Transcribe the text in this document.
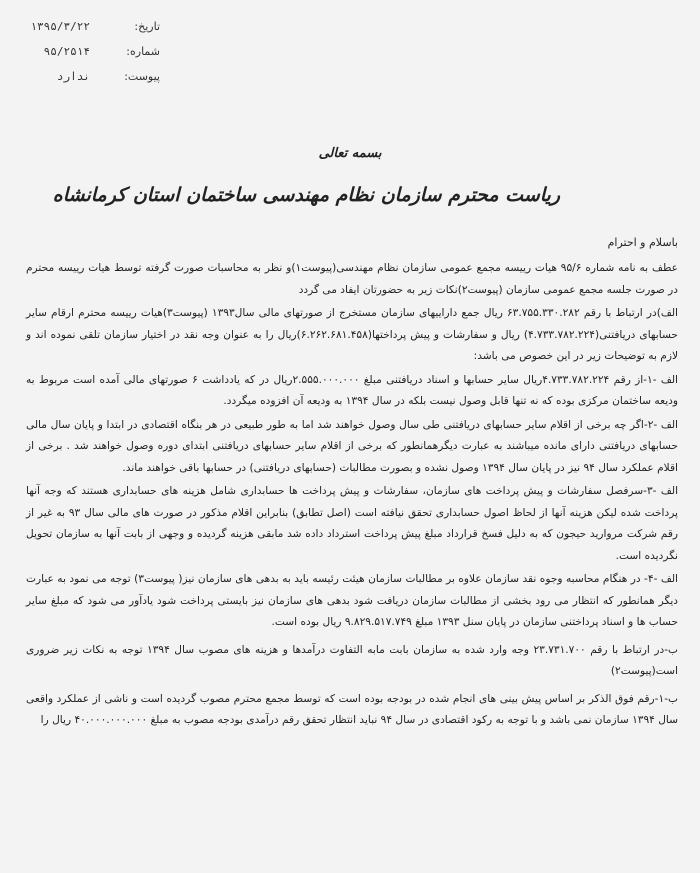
تاریخ:
۱۳۹۵/۳/۲۲
شماره:
۹۵/۲۵۱۴
پیوست:
ندارد
بسمه تعالی
ریاست محترم سازمان نظام مهندسی ساختمان استان کرمانشاه
باسلام و احترام

عطف به نامه شماره ۹۵/۶ هیات ریيسه مجمع عمومی سازمان نظام مهندسی(پیوست۱)و نظر به محاسبات صورت گرفته توسط هیات ریيسه محترم در صورت جلسه مجمع عمومی سازمان (پیوست۲)نکات زیر به حضورتان ایفاد می گردد

الف)در ارتباط با رقم ۶۳.۷۵۵.۳۳۰.۲۸۲ ریال جمع داراییهای سازمان مستخرج از صورتهای مالی سال۱۳۹۳ (پیوست۳)هیات ریيسه محترم ارقام سایر حسابهای دریافتنی(۴.۷۳۳.۷۸۲.۲۲۴) ریال و سفارشات و پیش پرداختها(۶.۲۶۲.۶۸۱.۴۵۸)ریال را به عنوان وجه نقد در اختیار سازمان تلقی نموده اند و لازم به توضیحات زیر در این خصوص می باشد:

الف -۱-از رقم ۴.۷۳۳.۷۸۲.۲۲۴ریال سایر حسابها و اسناد دریافتنی مبلغ ۲.۵۵۵.۰۰۰.۰۰۰ریال در که یادداشت ۶ صورتهای مالی آمده است مربوط به ودیعه ساختمان مرکزی بوده که نه تنها قابل وصول نیست بلکه در سال ۱۳۹۴ به ودیعه آن افزوده میگردد.

الف -۲-اگر چه برخی از اقلام سایر حسابهای دریافتنی طی سال وصول خواهند شد اما به طور طبیعی در هر بنگاه اقتصادی در ابتدا و پایان سال مالی حسابهای دریافتنی دارای مانده میباشند به عبارت دیگرهمانطور که برخی از اقلام سایر حسابهای دریافتنی ابتدای دوره وصول خواهند شد . برخی از اقلام عملکرد سال ۹۴ نیز در پایان سال ۱۳۹۴ وصول نشده و بصورت مطالبات (حسابهای دریافتنی) در حسابها باقی خواهند ماند.

الف -۳-سرفصل سفارشات و پیش پرداخت های سازمان، سفارشات و پیش پرداخت ها حسابداری شامل هزینه های حسابداری هستند که وجه آنها پرداخت شده لیکن هزینه آنها از لحاظ اصول حسابداری تحقق نیافته است (اصل تطابق) بنابراین اقلام مذکور در صورت های مالی سال ۹۳ به غیر از رقم شرکت مروارید حیجون که به دلیل فسخ قرارداد مبلغ پیش پرداخت استرداد داده شد مابقی هزینه گردیده و وجهی از بابت آنها به سازمان تحویل نگردیده است.

الف -۴- در هنگام محاسبه وجوه نقد سازمان علاوه بر مطالبات سازمان هیئت رئیسه باید به بدهی های سازمان نیز( پیوست۳) توجه می نمود به عبارت دیگر همانطور که انتظار می رود بخشی از مطالبات سازمان دریافت شود بدهی های سازمان نیز بایستی پرداخت شود یادآور می شود که مبلغ سایر حساب ها و اسناد پرداختنی سازمان در پایان سنل ۱۳۹۳ مبلغ ۹.۸۲۹.۵۱۷.۷۴۹ ریال بوده است.

ب-در ارتباط با رقم ۲۳.۷۳۱.۷۰۰ وجه وارد شده به سازمان بابت مابه التفاوت درآمدها و هزینه های مصوب سال ۱۳۹۴ توجه به نکات زیر ضروری است(پیوست۲)

ب-۱-رقم فوق الذکر بر اساس پیش بینی های انجام شده در بودجه بوده است که توسط مجمع محترم مصوب گردیده است و ناشی از عملکرد واقعی سال ۱۳۹۴ سازمان نمی باشد و با توجه به رکود اقتصادی در سال ۹۴ نباید انتظار تحقق رقم درآمدی بودجه مصوب به مبلغ ۴۰.۰۰۰.۰۰۰.۰۰۰ ریال را
